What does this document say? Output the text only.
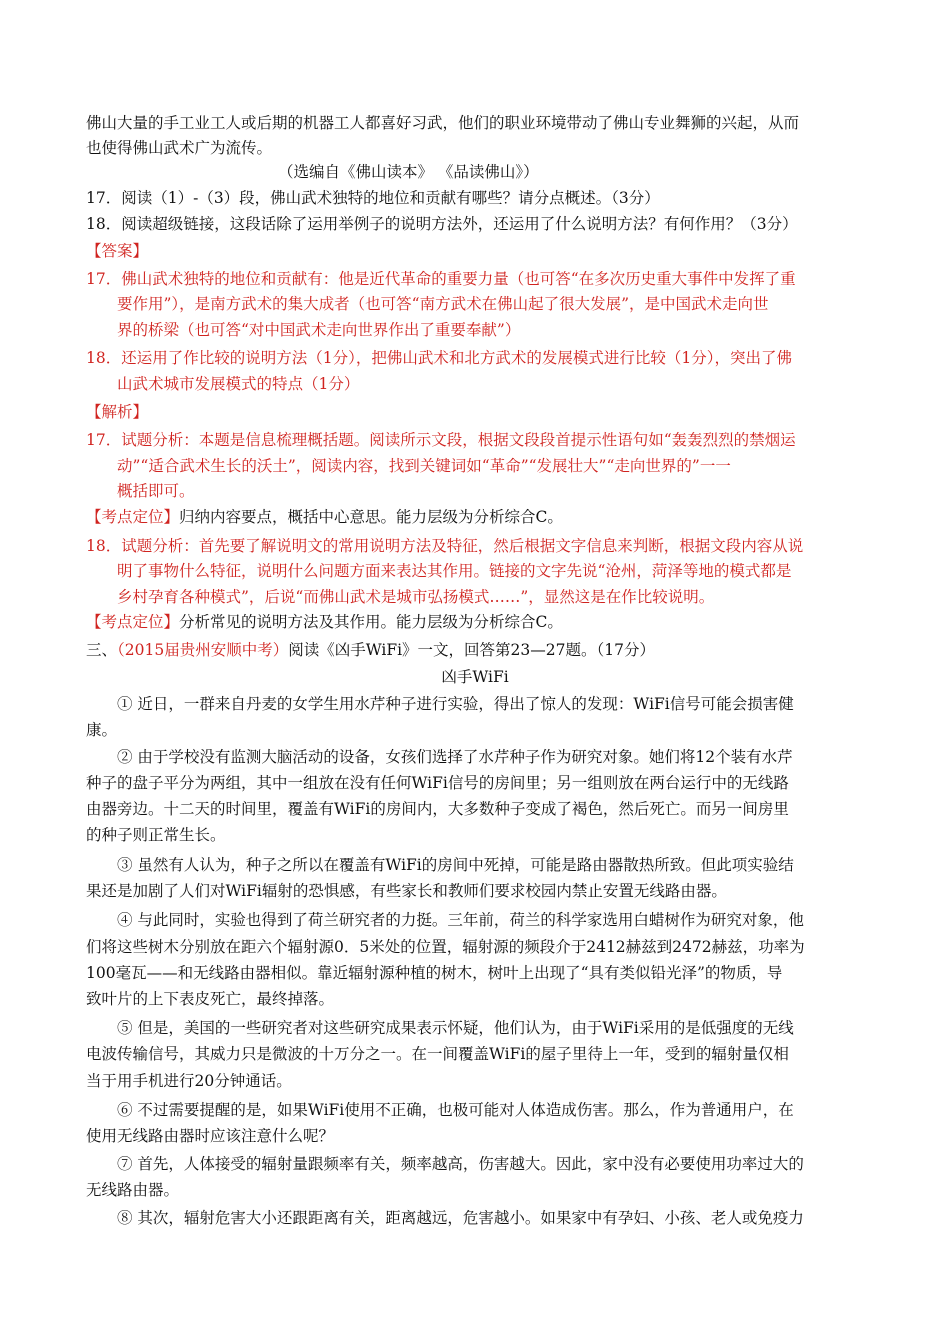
佛山大量的手工业工人或后期的机器工人都喜好习武，他们的职业环境带动了佛山专业舞狮的兴起，从而
也使得佛山武术广为流传。
（选编自《佛山读本》 《品读佛山》）
17．阅读（1）-（3）段，佛山武术独特的地位和贡献有哪些？请分点概述。（3分）
18．阅读超级链接，这段话除了运用举例子的说明方法外，还运用了什么说明方法？有何作用？（3分）
【答案】
17．佛山武术独特的地位和贡献有：他是近代革命的重要力量（也可答“在多次历史重大事件中发挥了重
要作用”），是南方武术的集大成者（也可答“南方武术在佛山起了很大发展”，是中国武术走向世
界的桥梁（也可答“对中国武术走向世界作出了重要奉献”）
18．还运用了作比较的说明方法（1分），把佛山武术和北方武术的发展模式进行比较（1分），突出了佛
山武术城市发展模式的特点（1分）
【解析】
17．试题分析：本题是信息梳理概括题。阅读所示文段，根据文段段首提示性语句如“轰轰烈烈的禁烟运
动”“适合武术生长的沃土”，阅读内容，找到关键词如“革命”“发展壮大”“走向世界的”一一
概括即可。
【考点定位】归纳内容要点，概括中心意思。能力层级为分析综合C。
18．试题分析：首先要了解说明文的常用说明方法及特征，然后根据文字信息来判断，根据文段内容从说
明了事物什么特征，说明什么问题方面来表达其作用。链接的文字先说“沧州，菏泽等地的模式都是
乡村孕育各种模式”，后说“而佛山武术是城市弘扬模式……”，显然这是在作比较说明。
【考点定位】分析常见的说明方法及其作用。能力层级为分析综合C。
三、（2015届贵州安顺中考）阅读《凶手WiFi》一文，回答第23—27题。（17分）
凶手WiFi
① 近日，一群来自丹麦的女学生用水芹种子进行实验，得出了惊人的发现：WiFi信号可能会损害健
康。
② 由于学校没有监测大脑活动的设备，女孩们选择了水芹种子作为研究对象。她们将12个装有水芹
种子的盘子平分为两组，其中一组放在没有任何WiFi信号的房间里；另一组则放在两台运行中的无线路
由器旁边。十二天的时间里，覆盖有WiFi的房间内，大多数种子变成了褐色，然后死亡。而另一间房里
的种子则正常生长。
③ 虽然有人认为，种子之所以在覆盖有WiFi的房间中死掉，可能是路由器散热所致。但此项实验结
果还是加剧了人们对WiFi辐射的恐惧感，有些家长和教师们要求校园内禁止安置无线路由器。
④ 与此同时，实验也得到了荷兰研究者的力挺。三年前，荷兰的科学家选用白蜡树作为研究对象，他
们将这些树木分别放在距六个辐射源0．5米处的位置，辐射源的频段介于2412赫兹到2472赫兹，功率为
100毫瓦——和无线路由器相似。靠近辐射源种植的树木，树叶上出现了“具有类似铅光泽”的物质，导
致叶片的上下表皮死亡，最终掉落。
⑤ 但是，美国的一些研究者对这些研究成果表示怀疑，他们认为，由于WiFi采用的是低强度的无线
电波传输信号，其威力只是微波的十万分之一。在一间覆盖WiFi的屋子里待上一年，受到的辐射量仅相
当于用手机进行20分钟通话。
⑥ 不过需要提醒的是，如果WiFi使用不正确，也极可能对人体造成伤害。那么，作为普通用户，在
使用无线路由器时应该注意什么呢？
⑦ 首先，人体接受的辐射量跟频率有关，频率越高，伤害越大。因此，家中没有必要使用功率过大的
无线路由器。
⑧ 其次，辐射危害大小还跟距离有关，距离越远，危害越小。如果家中有孕妇、小孩、老人或免疫力
